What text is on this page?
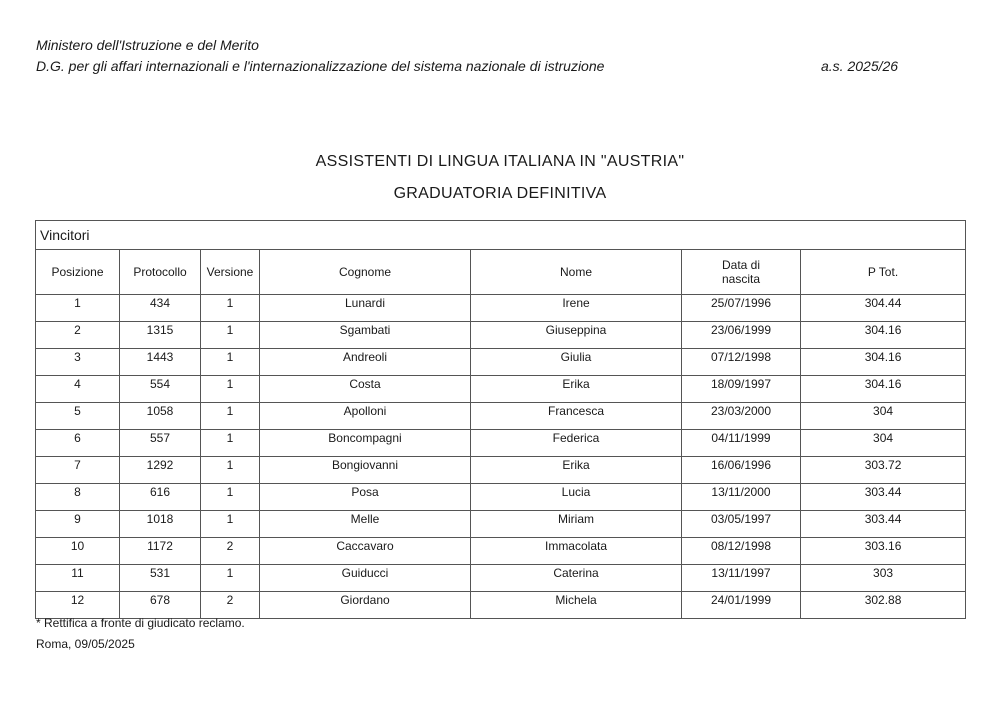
Ministero dell'Istruzione e del Merito
D.G. per gli affari internazionali e l'internazionalizzazione del sistema nazionale di istruzione	a.s. 2025/26
ASSISTENTI DI LINGUA ITALIANA IN "AUSTRIA"
GRADUATORIA DEFINITIVA
Vincitori						
Posizione	Protocollo	Versione	Cognome	Nome	Data di nascita	P Tot.
1	434	1	Lunardi	Irene	25/07/1996	304.44
2	1315	1	Sgambati	Giuseppina	23/06/1999	304.16
3	1443	1	Andreoli	Giulia	07/12/1998	304.16
4	554	1	Costa	Erika	18/09/1997	304.16
5	1058	1	Apolloni	Francesca	23/03/2000	304
6	557	1	Boncompagni	Federica	04/11/1999	304
7	1292	1	Bongiovanni	Erika	16/06/1996	303.72
8	616	1	Posa	Lucia	13/11/2000	303.44
9	1018	1	Melle	Miriam	03/05/1997	303.44
10	1172	2	Caccavaro	Immacolata	08/12/1998	303.16
11	531	1	Guiducci	Caterina	13/11/1997	303
12	678	2	Giordano	Michela	24/01/1999	302.88
* Rettifica a fronte di giudicato reclamo.
Roma, 09/05/2025
